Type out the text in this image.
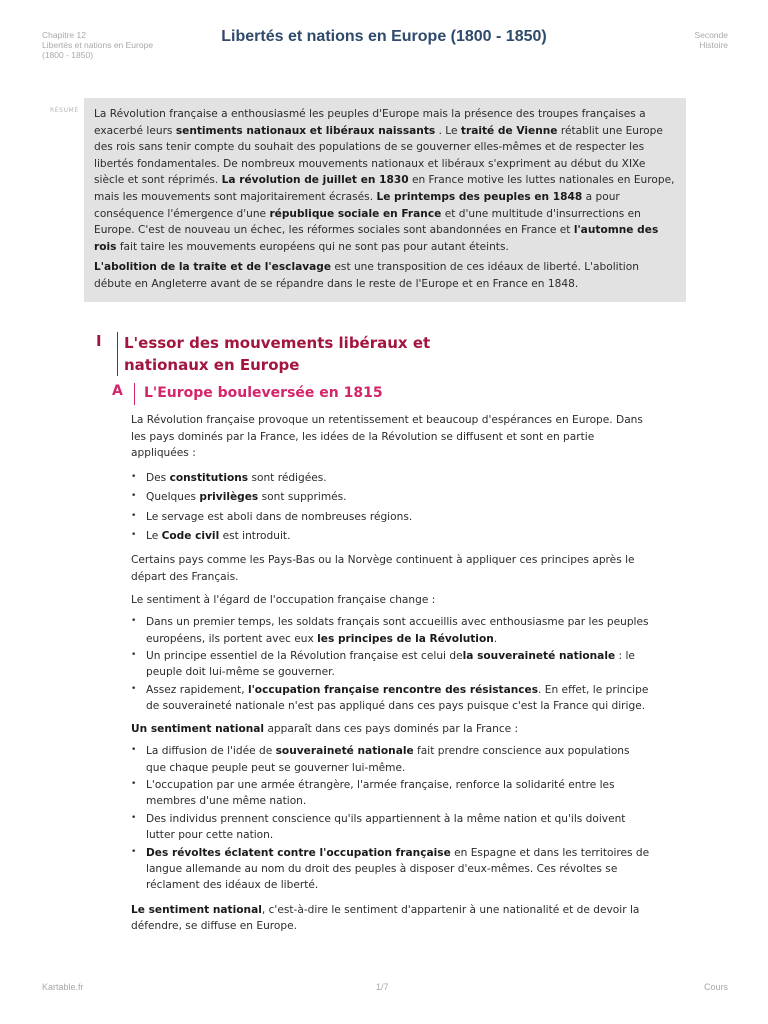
Chapitre 12
Libertés et nations en Europe
(1800 - 1850)
Libertés et nations en Europe (1800 - 1850)	Seconde
Histoire
RÉSUMÉ La Révolution française a enthousiasmé les peuples d'Europe mais la présence des troupes françaises a exacerbé leurs sentiments nationaux et libéraux naissants . Le traité de Vienne rétablit une Europe des rois sans tenir compte du souhait des populations de se gouverner elles-mêmes et de respecter les libertés fondamentales. De nombreux mouvements nationaux et libéraux s'expriment au début du XIXe siècle et sont réprimés. La révolution de juillet en 1830 en France motive les luttes nationales en Europe, mais les mouvements sont majoritairement écrasés. Le printemps des peuples en 1848 a pour conséquence l'émergence d'une république sociale en France et d'une multitude d'insurrections en Europe. C'est de nouveau un échec, les réformes sociales sont abandonnées en France et l'automne des rois fait taire les mouvements européens qui ne sont pas pour autant éteints.

L'abolition de la traite et de l'esclavage est une transposition de ces idéaux de liberté. L'abolition débute en Angleterre avant de se répandre dans le reste de l'Europe et en France en 1848.

I L'essor des mouvements libéraux et nationaux en Europe
A L'Europe bouleversée en 1815

La Révolution française provoque un retentissement et beaucoup d'espérances en Europe. Dans les pays dominés par la France, les idées de la Révolution se diffusent et sont en partie appliquées :

• Des constitutions sont rédigées.
• Quelques privilèges sont supprimés.
• Le servage est aboli dans de nombreuses régions.
• Le Code civil est introduit.

Certains pays comme les Pays-Bas ou la Norvège continuent à appliquer ces principes après le départ des Français.

Le sentiment à l'égard de l'occupation française change :

• Dans un premier temps, les soldats français sont accueillis avec enthousiasme par les peuples européens, ils portent avec eux les principes de la Révolution.
• Un principe essentiel de la Révolution française est celui dela souveraineté nationale : le peuple doit lui-même se gouverner.
• Assez rapidement, l'occupation française rencontre des résistances. En effet, le principe de souveraineté nationale n'est pas appliqué dans ces pays puisque c'est la France qui dirige.

Un sentiment national apparaît dans ces pays dominés par la France :

• La diffusion de l'idée de souveraineté nationale fait prendre conscience aux populations que chaque peuple peut se gouverner lui-même.
• L'occupation par une armée étrangère, l'armée française, renforce la solidarité entre les membres d'une même nation.
• Des individus prennent conscience qu'ils appartiennent à la même nation et qu'ils doivent lutter pour cette nation.
• Des révoltes éclatent contre l'occupation française en Espagne et dans les territoires de langue allemande au nom du droit des peuples à disposer d'eux-mêmes. Ces révoltes se réclament des idéaux de liberté.

Le sentiment national, c'est-à-dire le sentiment d'appartenir à une nationalité et de devoir la défendre, se diffuse en Europe.

Kartable.fr	1/7	Cours
